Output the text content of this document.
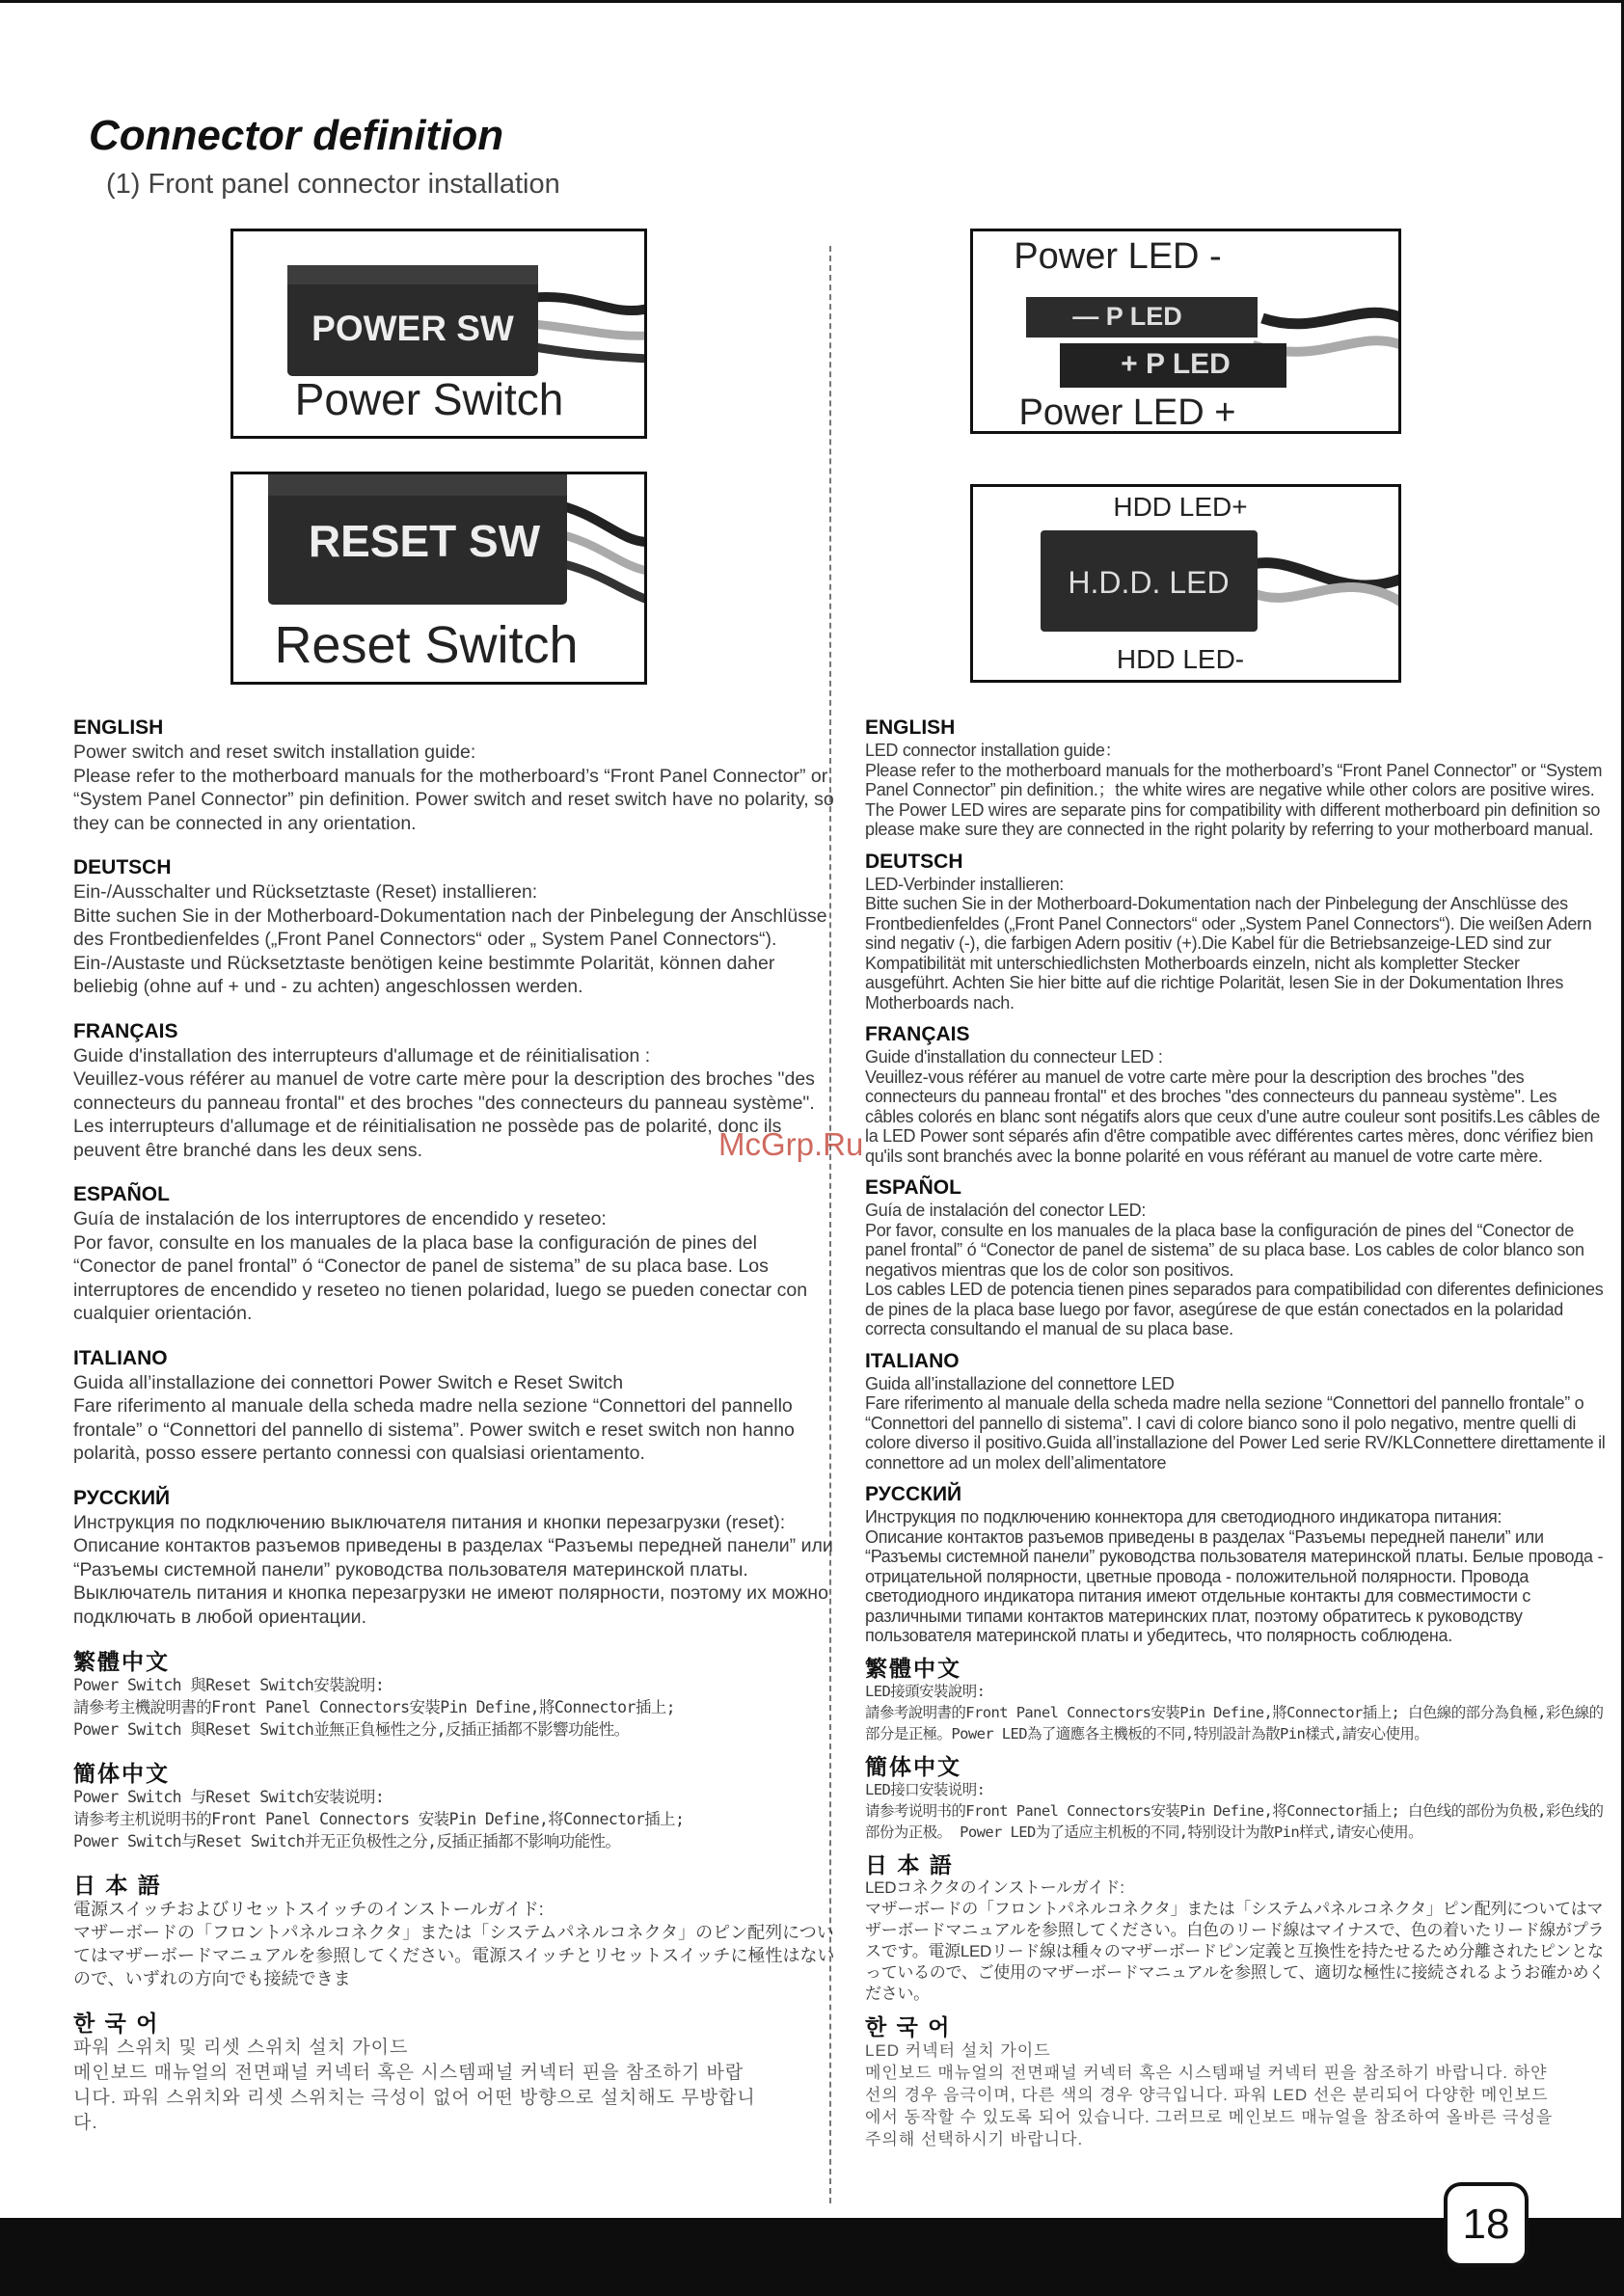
Connector definition
(1) Front panel connector installation
POWER SW
Power Switch
RESET SW
Reset Switch
Power LED -
— P LED
+ P LED
Power LED +
HDD LED+
H.D.D. LED
HDD LED-
ENGLISH
Power switch and reset switch installation guide:
Please refer to the motherboard manuals for the motherboard’s “Front Panel Connector” or “System Panel Connector” pin definition. Power switch and reset switch have no polarity, so they can be connected in any orientation.
DEUTSCH
Ein-/Ausschalter und Rücksetztaste (Reset) installieren:
Bitte suchen Sie in der Motherboard-Dokumentation nach der Pinbelegung der Anschlüsse des Frontbedienfeldes („Front Panel Connectors“ oder „ System Panel Connectors“). Ein-/Austaste und Rücksetztaste benötigen keine bestimmte Polarität, können daher beliebig (ohne auf + und - zu achten) angeschlossen werden.
FRANÇAIS
Guide d'installation des interrupteurs d'allumage et de réinitialisation :
Veuillez-vous référer au manuel de votre carte mère pour la description des broches "des connecteurs du panneau frontal" et des broches "des connecteurs du panneau système". Les interrupteurs d'allumage et de réinitialisation ne possède pas de polarité, donc ils peuvent être branché dans les deux sens.
ESPAÑOL
Guía de instalación de los interruptores de encendido y reseteo:
Por favor, consulte en los manuales de la placa base la configuración de pines del “Conector de panel frontal” ó “Conector de panel de sistema” de su placa base. Los interruptores de encendido y reseteo no tienen polaridad, luego se pueden conectar con cualquier orientación.
ITALIANO
Guida all’installazione dei connettori Power Switch e Reset Switch
Fare riferimento al manuale della scheda madre nella sezione “Connettori del pannello frontale” o “Connettori del pannello di sistema”. Power switch e reset switch non hanno polarità, posso essere pertanto connessi con qualsiasi orientamento.
РУССКИЙ
Инструкция по подключению выключателя питания и кнопки перезагрузки (reset):
Описание контактов разъемов приведены в разделах “Разъемы передней панели” или “Разъемы системной панели” руководства пользователя материнской платы. Выключатель питания и кнопка перезагрузки не имеют полярности, поэтому их можно подключать в любой ориентации.
繁體中文
Power Switch 與Reset Switch安裝說明:
請參考主機說明書的Front Panel Connectors安裝Pin Define,將Connector插上;
Power Switch 與Reset Switch並無正負極性之分,反插正插都不影響功能性。
簡体中文
Power Switch 与Reset Switch安装说明:
请参考主机说明书的Front Panel Connectors 安装Pin Define,将Connector插上;
Power Switch与Reset Switch并无正负极性之分,反插正插都不影响功能性。
日 本 語
電源スイッチおよびリセットスイッチのインストールガイド:
マザーボードの「フロントパネルコネクタ」または「システムパネルコネクタ」のピン配列についてはマザーボードマニュアルを参照してください。電源スイッチとリセットスイッチに極性はないので、いずれの方向でも接続できま
한 국 어
파워 스위치 및 리셋 스위치 설치 가이드
메인보드 매뉴얼의 전면패널 커넥터 혹은 시스템패널 커넥터 핀을 참조하기 바랍니다. 파워 스위치와 리셋 스위치는 극성이 없어 어떤 방향으로 설치해도 무방합니다.
ENGLISH
LED connector installation guide：
Please refer to the motherboard manuals for the motherboard’s “Front Panel Connector” or “System Panel Connector” pin definition.；the white wires are negative while other colors are positive wires. The Power LED wires are separate pins for compatibility with different motherboard pin definition so please make sure they are connected in the right polarity by referring to your motherboard manual.
DEUTSCH
LED-Verbinder installieren:
Bitte suchen Sie in der Motherboard-Dokumentation nach der Pinbelegung der Anschlüsse des Frontbedienfeldes („Front Panel Connectors“ oder „System Panel Connectors“). Die weißen Adern sind negativ (-), die farbigen Adern positiv (+).Die Kabel für die Betriebsanzeige-LED sind zur Kompatibilität mit unterschiedlichsten Motherboards einzeln, nicht als kompletter Stecker ausgeführt. Achten Sie hier bitte auf die richtige Polarität, lesen Sie in der Dokumentation Ihres Motherboards nach.
FRANÇAIS
Guide d'installation du connecteur LED :
Veuillez-vous référer au manuel de votre carte mère pour la description des broches "des connecteurs du panneau frontal" et des broches "des connecteurs du panneau système". Les câbles colorés en blanc sont négatifs alors que ceux d'une autre couleur sont positifs.Les câbles de la LED Power sont séparés afin d'être compatible avec différentes cartes mères, donc vérifiez bien qu'ils sont branchés avec la bonne polarité en vous référant au manuel de votre carte mère.
ESPAÑOL
Guía de instalación del conector LED:
Por favor, consulte en los manuales de la placa base la configuración de pines del “Conector de panel frontal” ó “Conector de panel de sistema” de su placa base. Los cables de color blanco son negativos mientras que los de color son positivos.
Los cables LED de potencia tienen pines separados para compatibilidad con diferentes definiciones de pines de la placa base luego por favor, asegúrese de que están conectados en la polaridad correcta consultando el manual de su placa base.
ITALIANO
Guida all’installazione del connettore LED
Fare riferimento al manuale della scheda madre nella sezione “Connettori del pannello frontale” o “Connettori del pannello di sistema”. I cavi di colore bianco sono il polo negativo, mentre quelli di colore diverso il positivo.Guida all’installazione del Power Led serie RV/KLConnettere direttamente il connettore ad un molex dell’alimentatore
РУССКИЙ
Инструкция по подключению коннектора для светодиодного индикатора питания:
Описание контактов разъемов приведены в разделах “Разъемы передней панели” или “Разъемы системной панели” руководства пользователя материнской платы. Белые провода - отрицательной полярности, цветные провода - положительной полярности. Провода светодиодного индикатора питания имеют отдельные контакты для совместимости с различными типами контактов материнских плат, поэтому обратитесь к руководству пользователя материнской платы и убедитесь, что полярность соблюдена.
繁體中文
LED接頭安裝說明:
請參考說明書的Front Panel Connectors安裝Pin Define,將Connector插上; 白色線的部分為負極,彩色線的部分是正極。Power LED為了適應各主機板的不同,特別設計為散Pin樣式,請安心使用。
簡体中文
LED接口安装说明:
请参考说明书的Front Panel Connectors安装Pin Define,将Connector插上; 白色线的部份为负极,彩色线的部份为正极。 Power LED为了适应主机板的不同,特别设计为散Pin样式,请安心使用。
日 本 語
LEDコネクタのインストールガイド:
マザーボードの「フロントパネルコネクタ」または「システムパネルコネクタ」ピン配列についてはマザーボードマニュアルを参照してください。白色のリード線はマイナスで、色の着いたリード線がプラスです。電源LEDリード線は種々のマザーボードピン定義と互換性を持たせるため分離されたピンとなっているので、ご使用のマザーボードマニュアルを参照して、適切な極性に接続されるようお確かめください。
한 국 어
LED 커넥터 설치 가이드
메인보드 매뉴얼의 전면패널 커넥터 혹은 시스템패널 커넥터 핀을 참조하기 바랍니다. 하얀선의 경우 음극이며, 다른 색의 경우 양극입니다. 파워 LED 선은 분리되어 다양한 메인보드에서 동작할 수 있도록 되어 있습니다. 그러므로 메인보드 매뉴얼을 참조하여 올바른 극성을 주의해 선택하시기 바랍니다.
McGrp.Ru
18
